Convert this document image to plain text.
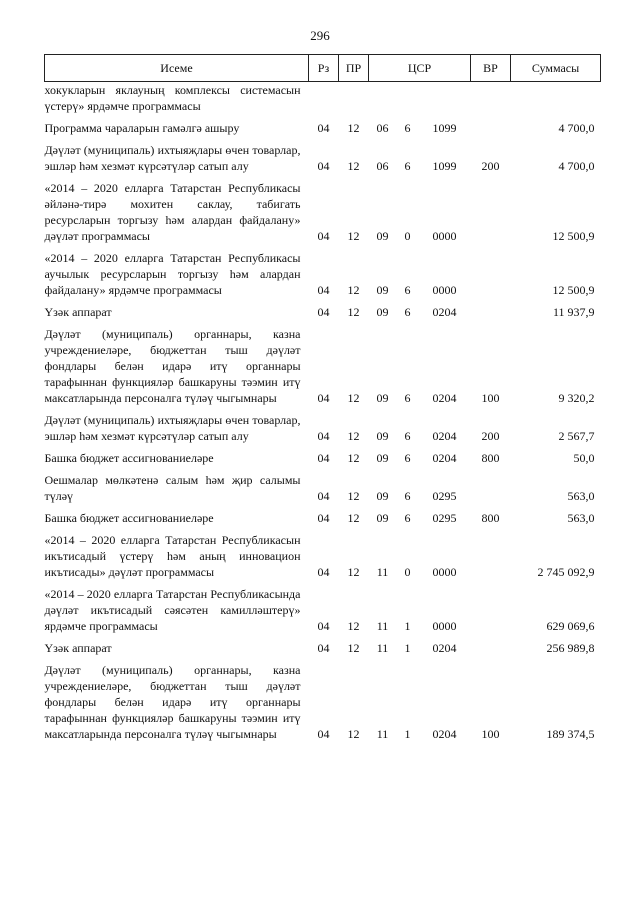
296
Исеме	Рз	ПР	ЦСР			ВР	Суммасы
хокукларын яклауның комплексы системасын үстерү» ярдәмче программасы							
Программа чараларын гамәлгә ашыру	04	12	06	6	1099		4 700,0
Дәүләт (муниципаль) ихтыяҗлары өчен товарлар, эшләр һәм хезмәт күрсәтүләр сатып алу	04	12	06	6	1099	200	4 700,0
«2014 – 2020 елларга Татарстан Республикасы әйләнә-тирә мохитен саклау, табигать ресурсларын торгызу һәм алардан файдалану» дәүләт программасы	04	12	09	0	0000		12 500,9
«2014 – 2020 елларга Татарстан Республикасы аучылык ресурсларын торгызу һәм алардан файдалану» ярдәмче программасы	04	12	09	6	0000		12 500,9
Үзәк аппарат	04	12	09	6	0204		11 937,9
Дәүләт (муниципаль) органнары, казна учреждениеләре, бюджеттан тыш дәүләт фондлары белән идарә итү органнары тарафыннан функцияләр башкаруны тәэмин итү максатларында персоналга түләү чыгымнары	04	12	09	6	0204	100	9 320,2
Дәүләт (муниципаль) ихтыяҗлары өчен товарлар, эшләр һәм хезмәт күрсәтүләр сатып алу	04	12	09	6	0204	200	2 567,7
Башка бюджет ассигнованиеләре	04	12	09	6	0204	800	50,0
Оешмалар мөлкәтенә салым һәм җир салымы түләү	04	12	09	6	0295		563,0
Башка бюджет ассигнованиеләре	04	12	09	6	0295	800	563,0
«2014 – 2020 елларга Татарстан Республикасын икътисадый үстерү һәм аның инновацион икътисады» дәүләт программасы	04	12	11	0	0000		2 745 092,9
«2014 – 2020 елларга Татарстан Республикасында дәүләт икътисадый сәясәтен камилләштерү» ярдәмче программасы	04	12	11	1	0000		629 069,6
Үзәк аппарат	04	12	11	1	0204		256 989,8
Дәүләт (муниципаль) органнары, казна учреждениеләре, бюджеттан тыш дәүләт фондлары белән идарә итү органнары тарафыннан функцияләр башкаруны тәэмин итү максатларында персоналга түләү чыгымнары	04	12	11	1	0204	100	189 374,5
